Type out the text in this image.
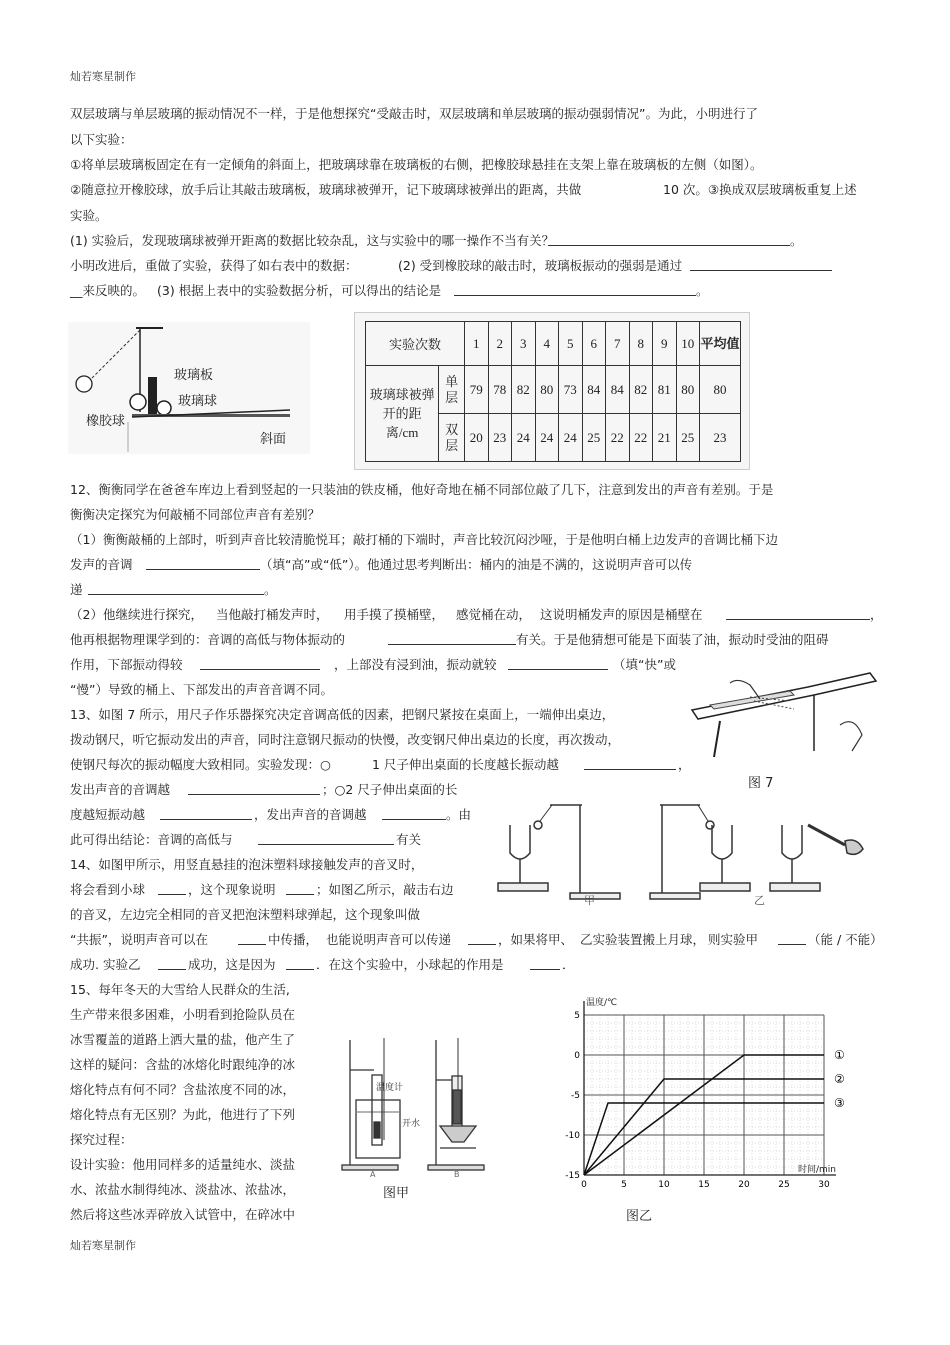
灿若寒星制作
灿若寒星制作
双层玻璃与单层玻璃的振动情况不一样，于是他想探究“受敲击时，双层玻璃和单层玻璃的振动强弱情况”。为此，小明进行了
以下实验：
①将单层玻璃板固定在有一定倾角的斜面上，把玻璃球靠在玻璃板的右侧，把橡胶球悬挂在支架上靠在玻璃板的左侧（如图）。
②随意拉开橡胶球，放手后让其敲击玻璃板，玻璃球被弹开，记下玻璃球被弹出的距离，共做	10 次。③换成双层玻璃板重复上述
实验。
(1) 实验后，发现玻璃球被弹开距离的数据比较杂乱，这与实验中的哪一操作不当有关？	。
小明改进后，重做了实验，获得了如右表中的数据：	(2) 受到橡胶球的敲击时，玻璃板振动的强弱是通过
__来反映的。 (3) 根据上表中的实验数据分析，可以得出的结论是	。
玻璃板
玻璃球
橡胶球
斜面
实验次数		1	2	3	4	5	6	7	8	9	10	平均值
玻璃球被弹开的距离/cm	单层	79	78	82	80	73	84	84	82	81	80	80
	双层	20	23	24	24	24	25	22	22	21	25	23
12、衡衡同学在爸爸车库边上看到竖起的一只装油的铁皮桶，他好奇地在桶不同部位敲了几下，注意到发出的声音有差别。于是
衡衡决定探究为何敲桶不同部位声音有差别？
（1）衡衡敲桶的上部时，听到声音比较清脆悦耳；敲打桶的下端时，声音比较沉闷沙哑，于是他明白桶上边发声的音调比桶下边
发声的音调	（填“高”或“低”）。他通过思考判断出：桶内的油是不满的，这说明声音可以传
递	。
（2）他继续进行探究， 当他敲打桶发声时， 用手摸了摸桶壁， 感觉桶在动， 这说明桶发声的原因是桶壁在	，
他再根据物理课学到的：音调的高低与物体振动的	有关。于是他猜想可能是下面装了油，振动时受油的阻碍
作用，下部振动得较	，上部没有浸到油，振动就较	（填“快”或
“慢”）导致的桶上、下部发出的声音音调不同。
图 7
13、如图 7 所示，用尺子作乐器探究决定音调高低的因素，把钢尺紧按在桌面上，一端伸出桌边，
拨动钢尺，听它振动发出的声音，同时注意钢尺振动的快慢，改变钢尺伸出桌边的长度，再次拨动，
使钢尺每次的振动幅度大致相同。实验发现：○	1 尺子伸出桌面的长度越长振动越	，
发出声音的音调越	；○2 尺子伸出桌面的长
度越短振动越	，发出声音的音调越	。由
此可得出结论：音调的高低与	有关
甲	乙
14、如图甲所示，用竖直悬挂的泡沫塑料球接触发声的音叉时，
将会看到小球	，这个现象说明	；如图乙所示，敲击右边
的音叉，左边完全相同的音叉把泡沫塑料球弹起，这个现象叫做
“共振”，说明声音可以在	中传播， 也能说明声音可以传递	，如果将甲、 乙实验装置搬上月球， 则实验甲	（能 / 不能）
成功. 实验乙	成功，这是因为	．在这个实验中，小球起的作用是	．
15、每年冬天的大雪给人民群众的生活,
生产带来很多困难，小明看到抢险队员在
冰雪覆盖的道路上洒大量的盐，他产生了
这样的疑问：含盐的冰熔化时跟纯净的冰
熔化特点有何不同？含盐浓度不同的冰，
熔化特点有无区别？为此，他进行了下列
探究过程：
设计实验：他用同样多的适量纯水、淡盐
水、浓盐水制得纯冰、淡盐冰、浓盐冰，
然后将这些冰弄碎放入试管中，在碎冰中
温度计
开水
A	B
图甲
①
②
③
0	5	10	15	20	25	30
5
0
-5
-10
-15
温度/℃
时间/min
图乙
